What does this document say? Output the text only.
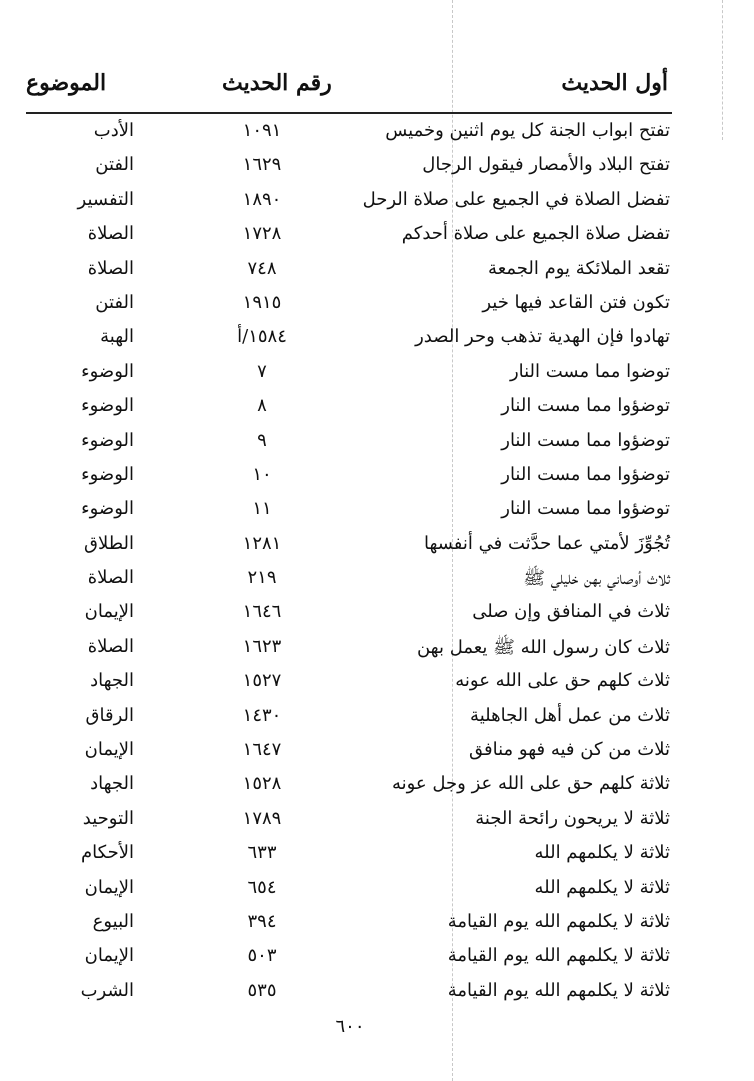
أول الحديث
رقم الحديث
الموضوع
تفتح ابواب الجنة كل يوم اثنين وخميس
١٠٩١
الأدب
تفتح البلاد والأمصار فيقول الرجال
١٦٢٩
الفتن
تفضل الصلاة في الجميع على صلاة الرحل
١٨٩٠
التفسير
تفضل صلاة الجميع على صلاة أحدكم
١٧٢٨
الصلاة
تقعد الملائكة يوم الجمعة
٧٤٨
الصلاة
تكون فتن القاعد فيها خير
١٩١٥
الفتن
تهادوا فإن الهدية تذهب وحر الصدر
١٥٨٤/أ
الهبة
توضوا مما مست النار
٧
الوضوء
توضؤوا مما مست النار
٨
الوضوء
توضؤوا مما مست النار
٩
الوضوء
توضؤوا مما مست النار
١٠
الوضوء
توضؤوا مما مست النار
١١
الوضوء
تُجُوِّزَ لأمتي عما حدَّثت في أنفسها
١٢٨١
الطلاق
ثلاث أوصاني بهن خليلي ﷺ
٢١٩
الصلاة
ثلاث في المنافق وإن صلى
١٦٤٦
الإيمان
ثلاث كان رسول الله ﷺ يعمل بهن
١٦٢٣
الصلاة
ثلاث كلهم حق على الله عونه
١٥٢٧
الجهاد
ثلاث من عمل أهل الجاهلية
١٤٣٠
الرقاق
ثلاث من كن فيه فهو منافق
١٦٤٧
الإيمان
ثلاثة كلهم حق على الله عز وجل عونه
١٥٢٨
الجهاد
ثلاثة لا يريحون رائحة الجنة
١٧٨٩
التوحيد
ثلاثة لا يكلمهم الله
٦٣٣
الأحكام
ثلاثة لا يكلمهم الله
٦٥٤
الإيمان
ثلاثة لا يكلمهم الله يوم القيامة
٣٩٤
البيوع
ثلاثة لا يكلمهم الله يوم القيامة
٥٠٣
الإيمان
ثلاثة لا يكلمهم الله يوم القيامة
٥٣٥
الشرب
٦٠٠
